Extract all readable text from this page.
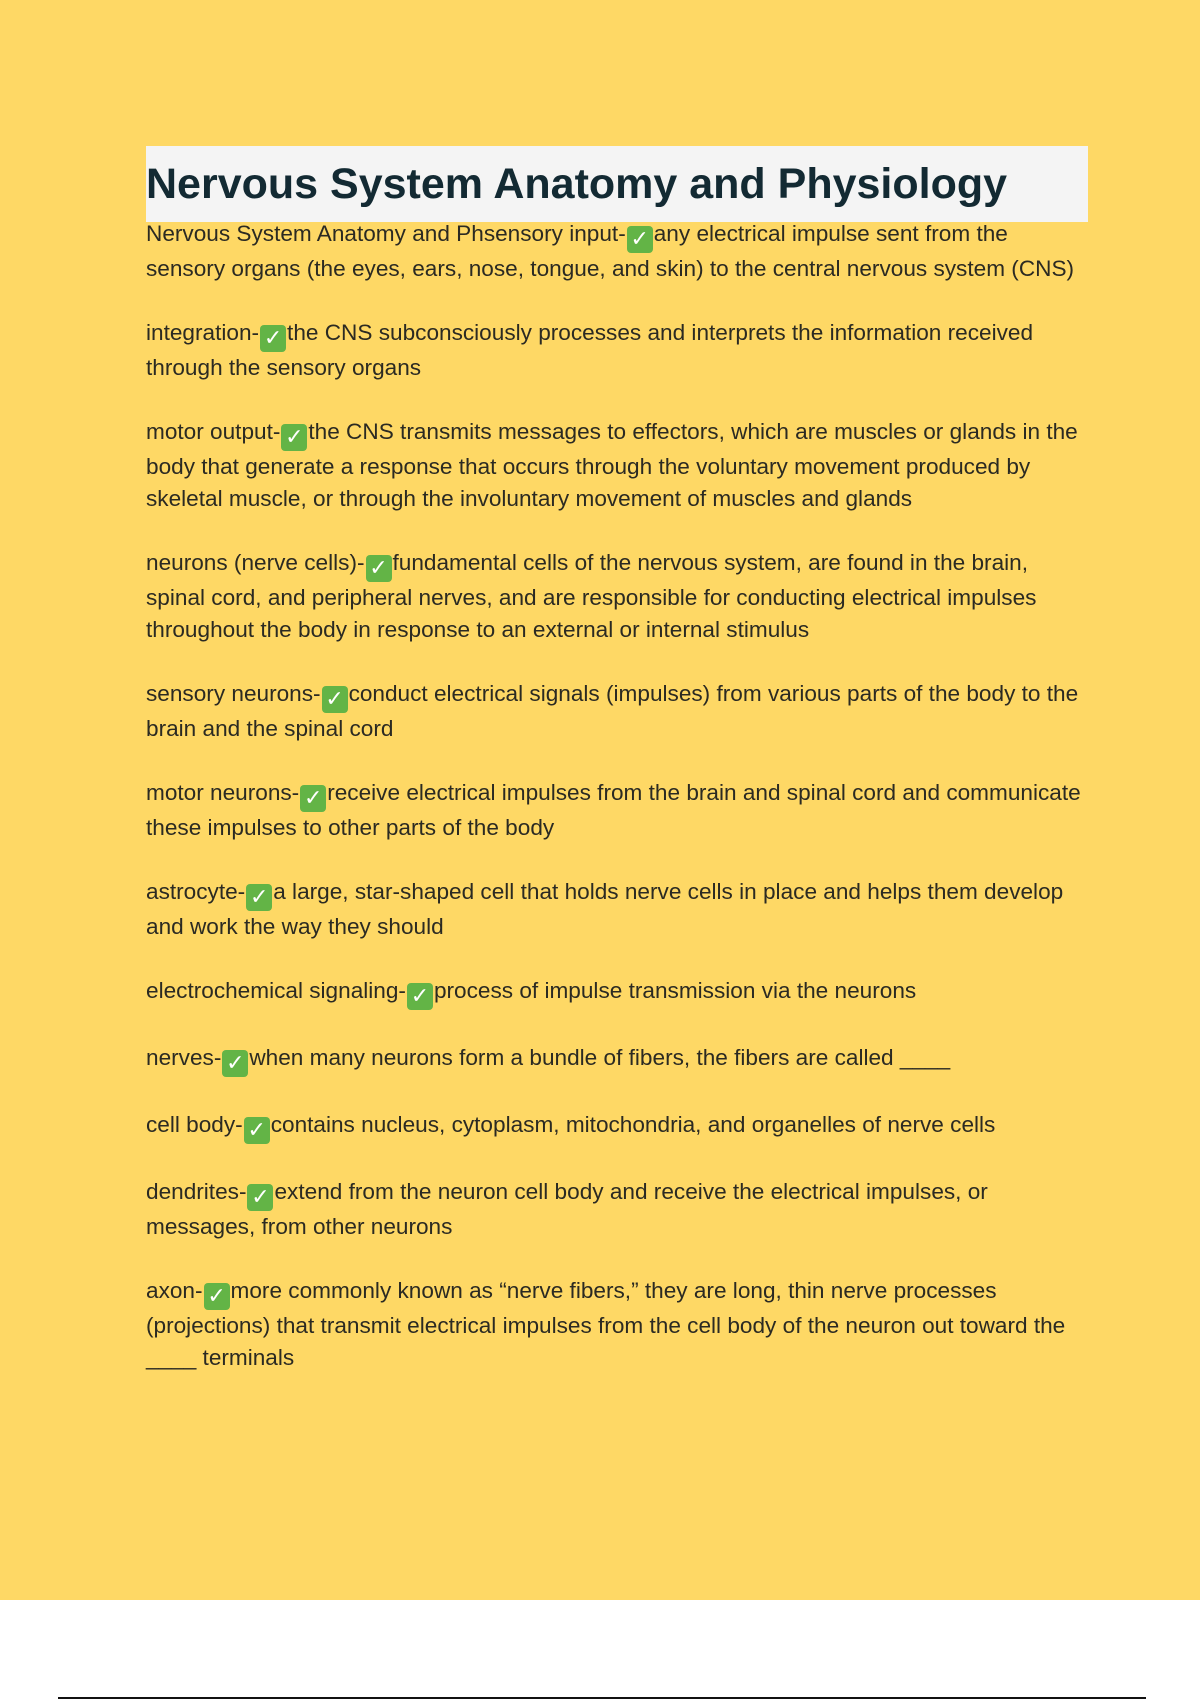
Nervous System Anatomy and Physiology

Nervous System Anatomy and Phsensory input- ✓ any electrical impulse sent from the sensory organs (the eyes, ears, nose, tongue, and skin) to the central nervous system (CNS)

integration- ✓ the CNS subconsciously processes and interprets the information received through the sensory organs

motor output- ✓ the CNS transmits messages to effectors, which are muscles or glands in the body that generate a response that occurs through the voluntary movement produced by skeletal muscle, or through the involuntary movement of muscles and glands

neurons (nerve cells)- ✓ fundamental cells of the nervous system, are found in the brain, spinal cord, and peripheral nerves, and are responsible for conducting electrical impulses throughout the body in response to an external or internal stimulus

sensory neurons- ✓ conduct electrical signals (impulses) from various parts of the body to the brain and the spinal cord

motor neurons- ✓ receive electrical impulses from the brain and spinal cord and communicate these impulses to other parts of the body

astrocyte- ✓ a large, star-shaped cell that holds nerve cells in place and helps them develop and work the way they should

electrochemical signaling- ✓ process of impulse transmission via the neurons

nerves- ✓ when many neurons form a bundle of fibers, the fibers are called ____

cell body- ✓ contains nucleus, cytoplasm, mitochondria, and organelles of nerve cells

dendrites- ✓ extend from the neuron cell body and receive the electrical impulses, or messages, from other neurons

axon- ✓ more commonly known as “nerve fibers,” they are long, thin nerve processes (projections) that transmit electrical impulses from the cell body of the neuron out toward the ____ terminals
